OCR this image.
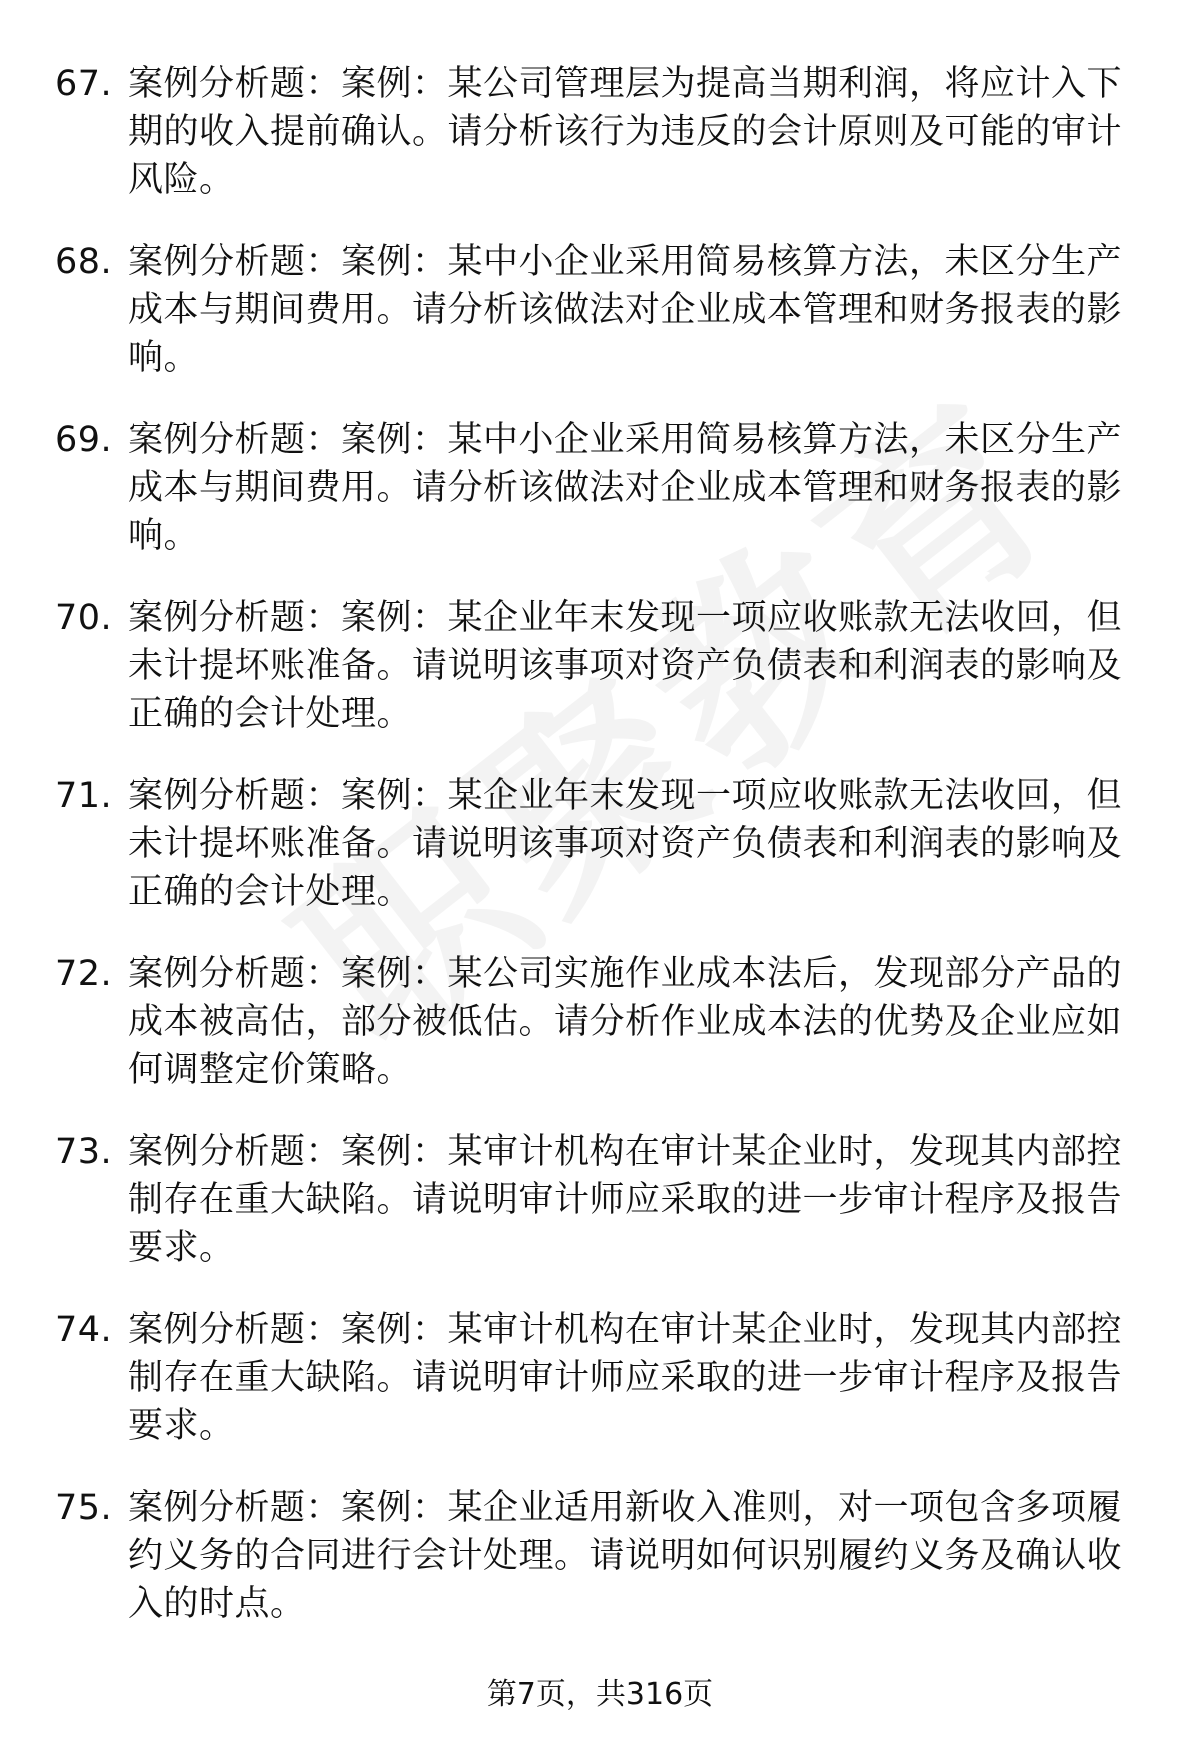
67. 案例分析题：案例：某公司管理层为提高当期利润，将应计入下期的收入提前确认。请分析该行为违反的会计原则及可能的审计风险。
68. 案例分析题：案例：某中小企业采用简易核算方法，未区分生产成本与期间费用。请分析该做法对企业成本管理和财务报表的影响。
69. 案例分析题：案例：某中小企业采用简易核算方法，未区分生产成本与期间费用。请分析该做法对企业成本管理和财务报表的影响。
70. 案例分析题：案例：某企业年末发现一项应收账款无法收回，但未计提坏账准备。请说明该事项对资产负债表和利润表的影响及正确的会计处理。
71. 案例分析题：案例：某企业年末发现一项应收账款无法收回，但未计提坏账准备。请说明该事项对资产负债表和利润表的影响及正确的会计处理。
72. 案例分析题：案例：某公司实施作业成本法后，发现部分产品的成本被高估，部分被低估。请分析作业成本法的优势及企业应如何调整定价策略。
73. 案例分析题：案例：某审计机构在审计某企业时，发现其内部控制存在重大缺陷。请说明审计师应采取的进一步审计程序及报告要求。
74. 案例分析题：案例：某审计机构在审计某企业时，发现其内部控制存在重大缺陷。请说明审计师应采取的进一步审计程序及报告要求。
75. 案例分析题：案例：某企业适用新收入准则，对一项包含多项履约义务的合同进行会计处理。请说明如何识别履约义务及确认收入的时点。
第7页，共316页
